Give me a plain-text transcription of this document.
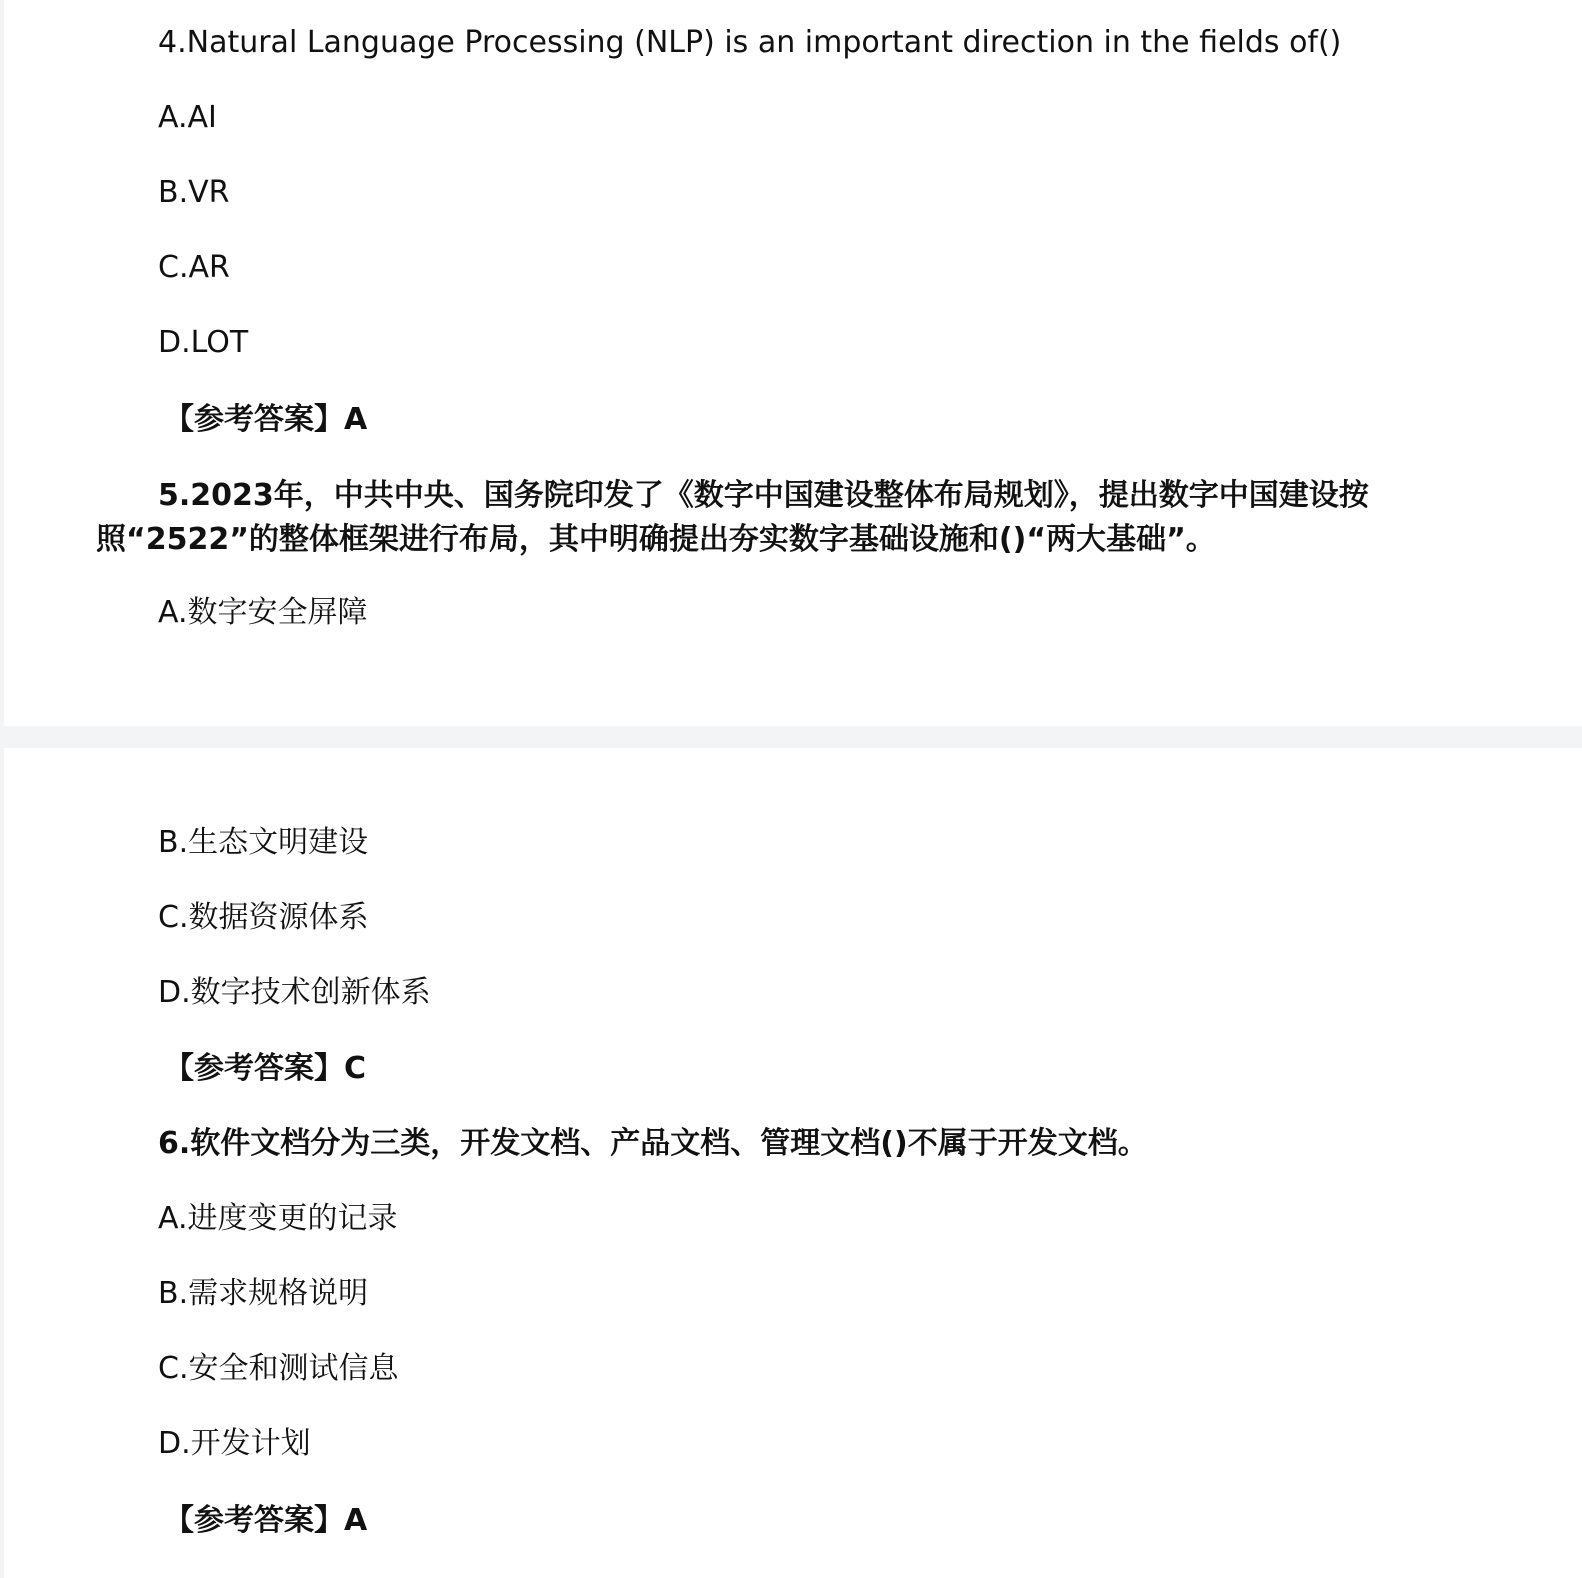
4.Natural Language Processing (NLP) is an important direction in the fields of()
A.AI
B.VR
C.AR
D.LOT
【参考答案】A
5.2023年，中共中央、国务院印发了《数字中国建设整体布局规划》，提出数字中国建设按照“2522”的整体框架进行布局，其中明确提出夯实数字基础设施和()“两大基础”。
A.数字安全屏障
B.生态文明建设
C.数据资源体系
D.数字技术创新体系
【参考答案】C
6.软件文档分为三类，开发文档、产品文档、管理文档()不属于开发文档。
A.进度变更的记录
B.需求规格说明
C.安全和测试信息
D.开发计划
【参考答案】A
